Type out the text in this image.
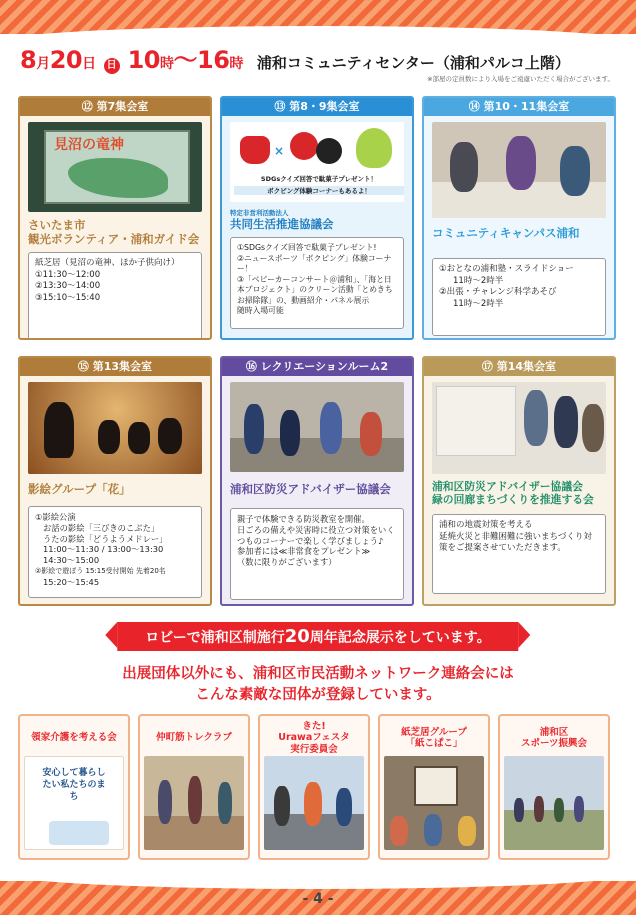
8月20日	日 10時～16時 浦和コミュニティセンター（浦和パルコ上階）
※部屋の定員数により入場をご遠慮いただく場合がございます。
⑫ 第7集会室
見沼の竜神
さいたま市
観光ボランティア・浦和ガイド会
紙芝居（見沼の竜神、ほか子供向け）
①11:30～12:00
②13:30～14:00
③15:10～15:40
⑬ 第8・9集会室
×
SDGsクイズ回答で駄菓子プレゼント！
ボクピング体験コーナーもあるよ！
特定非営利活動法人
共同生活推進協議会
①SDGsクイズ回答で駄菓子プレゼント!
②ニュースポーツ「ボクピング」体験コーナー！
③「ベビーカーコンサート＠浦和」、「海と日本プロジェクト」のクリーン活動「とめきちお掃除隊」の、動画紹介・パネル展示
随時入場可能
⑭ 第10・11集会室
コミュニティキャンパス浦和
①おとなの浦和塾・スライドショー
11時～2時半
②出張・チャレンジ科学あそび
11時～2時半
⑮ 第13集会室
影絵グループ「花」
①影絵公演
お話の影絵「三びきのこぶた」
うたの影絵「どうようメドレー」
11:00～11:30 / 13:00～13:30
14:30～15:00
②影絵で遊ぼう 15:15受付開始 先着20名
15:20～15:45
⑯ レクリエーションルーム2
浦和区防災アドバイザー協議会
親子で体験できる防災教室を開催。
日ごろの備えや災害時に役立つ対策をいくつものコーナーで楽しく学びましょう♪
参加者には≪非常食をプレゼント≫
（数に限りがございます）
⑰ 第14集会室
浦和区防災アドバイザー協議会
緑の回廊まちづくりを推進する会
浦和の地震対策を考える
延焼火災と非難困難に強いまちづくり対策をご提案させていただきます。
ロビーで浦和区制施行20周年記念展示をしています。
出展団体以外にも、浦和区市民活動ネットワーク連絡会には
こんな素敵な団体が登録しています。
領家介護を考える会
安心して暮らしたい私たちのまち
仲町筋トレクラブ
きた!
Urawaフェスタ
実行委員会
紙芝居グループ
「紙こぱこ」
浦和区
スポーツ振興会
- 4 -
